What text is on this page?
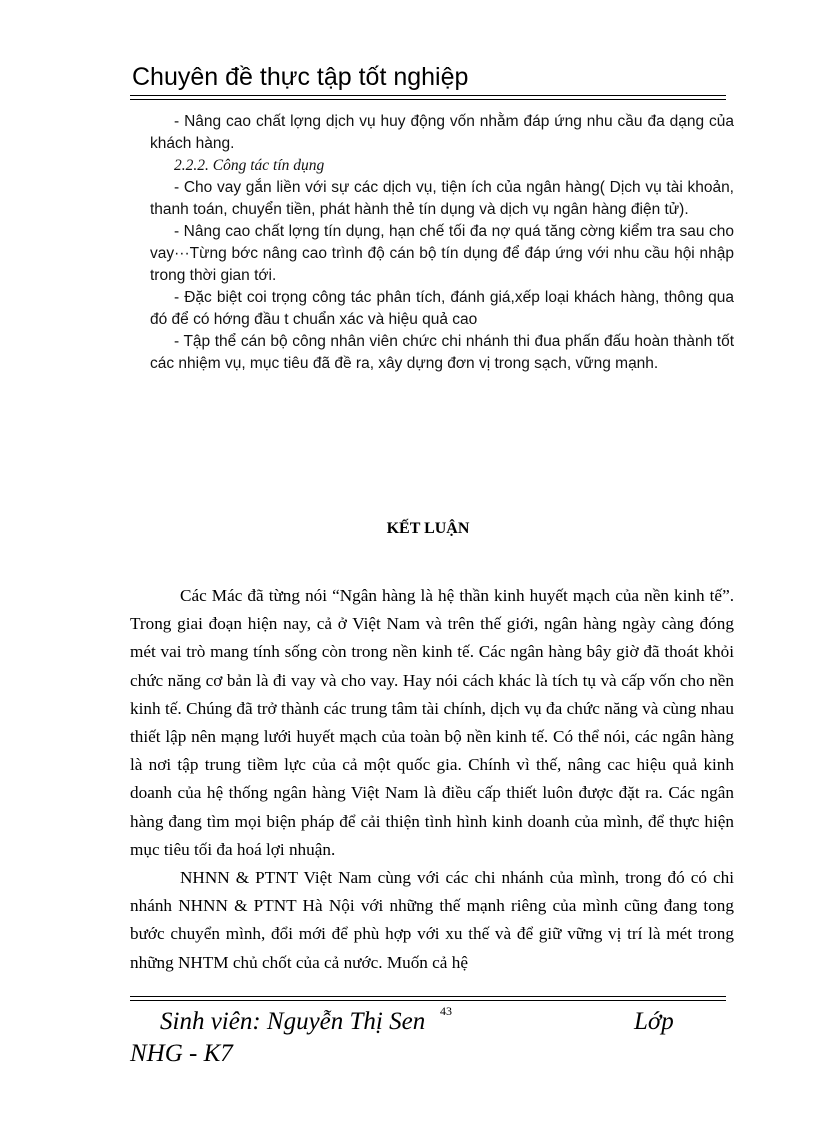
Chuyên đề thực tập tốt nghiệp

- Nâng cao chất lợng dịch vụ huy động vốn nhằm đáp ứng nhu cầu đa dạng của khách hàng.

2.2.2. Công tác tín dụng

- Cho vay gắn liền với sự các dịch vụ, tiện ích của ngân hàng( Dịch vụ tài khoản, thanh toán, chuyển tiền, phát hành thẻ tín dụng và dịch vụ ngân hàng điện tử).

- Nâng cao chất lợng tín dụng, hạn chế tối đa nợ quá tăng cờng kiểm tra sau cho vay···Từng bớc nâng cao trình độ cán bộ tín dụng để đáp ứng với nhu cầu hội nhập trong thời gian tới.

- Đặc biệt coi trọng công tác phân tích, đánh giá,xếp loại khách hàng, thông qua đó để có hớng đầu t chuẩn xác và hiệu quả cao

- Tập thể cán bộ công nhân viên chức chi nhánh thi đua phấn đấu hoàn thành tốt các nhiệm vụ, mục tiêu đã đề ra, xây dựng đơn vị trong sạch, vững mạnh.

KẾT LUẬN

Các Mác đã từng nói “Ngân hàng là hệ thần kinh huyết mạch của nền kinh tế”. Trong giai đoạn hiện nay, cả ở Việt Nam và trên thế giới, ngân hàng ngày càng đóng mét vai trò mang tính sống còn trong nền kinh tế. Các ngân hàng bây giờ đã thoát khỏi chức năng cơ bản là đi vay và cho vay. Hay nói cách khác là tích tụ và cấp vốn cho nền kinh tế. Chúng đã trở thành các trung tâm tài chính, dịch vụ đa chức năng và cùng nhau thiết lập nên mạng lưới huyết mạch của toàn bộ nền kinh tế. Có thể nói, các ngân hàng là nơi tập trung tiềm lực của cả một quốc gia. Chính vì thế, nâng cac hiệu quả kinh doanh của hệ thống ngân hàng Việt Nam là điều cấp thiết luôn được đặt ra. Các ngân hàng đang tìm mọi biện pháp để cải thiện tình hình kinh doanh của mình, để thực hiện mục tiêu tối đa hoá lợi nhuận.

NHNN & PTNT Việt Nam cùng với các chi nhánh của mình, trong đó có chi nhánh NHNN & PTNT Hà Nội với những thế mạnh riêng của mình cũng đang tong bước chuyển mình, đổi mới để phù hợp với xu thế và để giữ vững vị trí là mét trong những NHTM chủ chốt của cả nước. Muốn cả hệ

Sinh viên: Nguyễn Thị Sen 43	Lớp
NHG - K7
